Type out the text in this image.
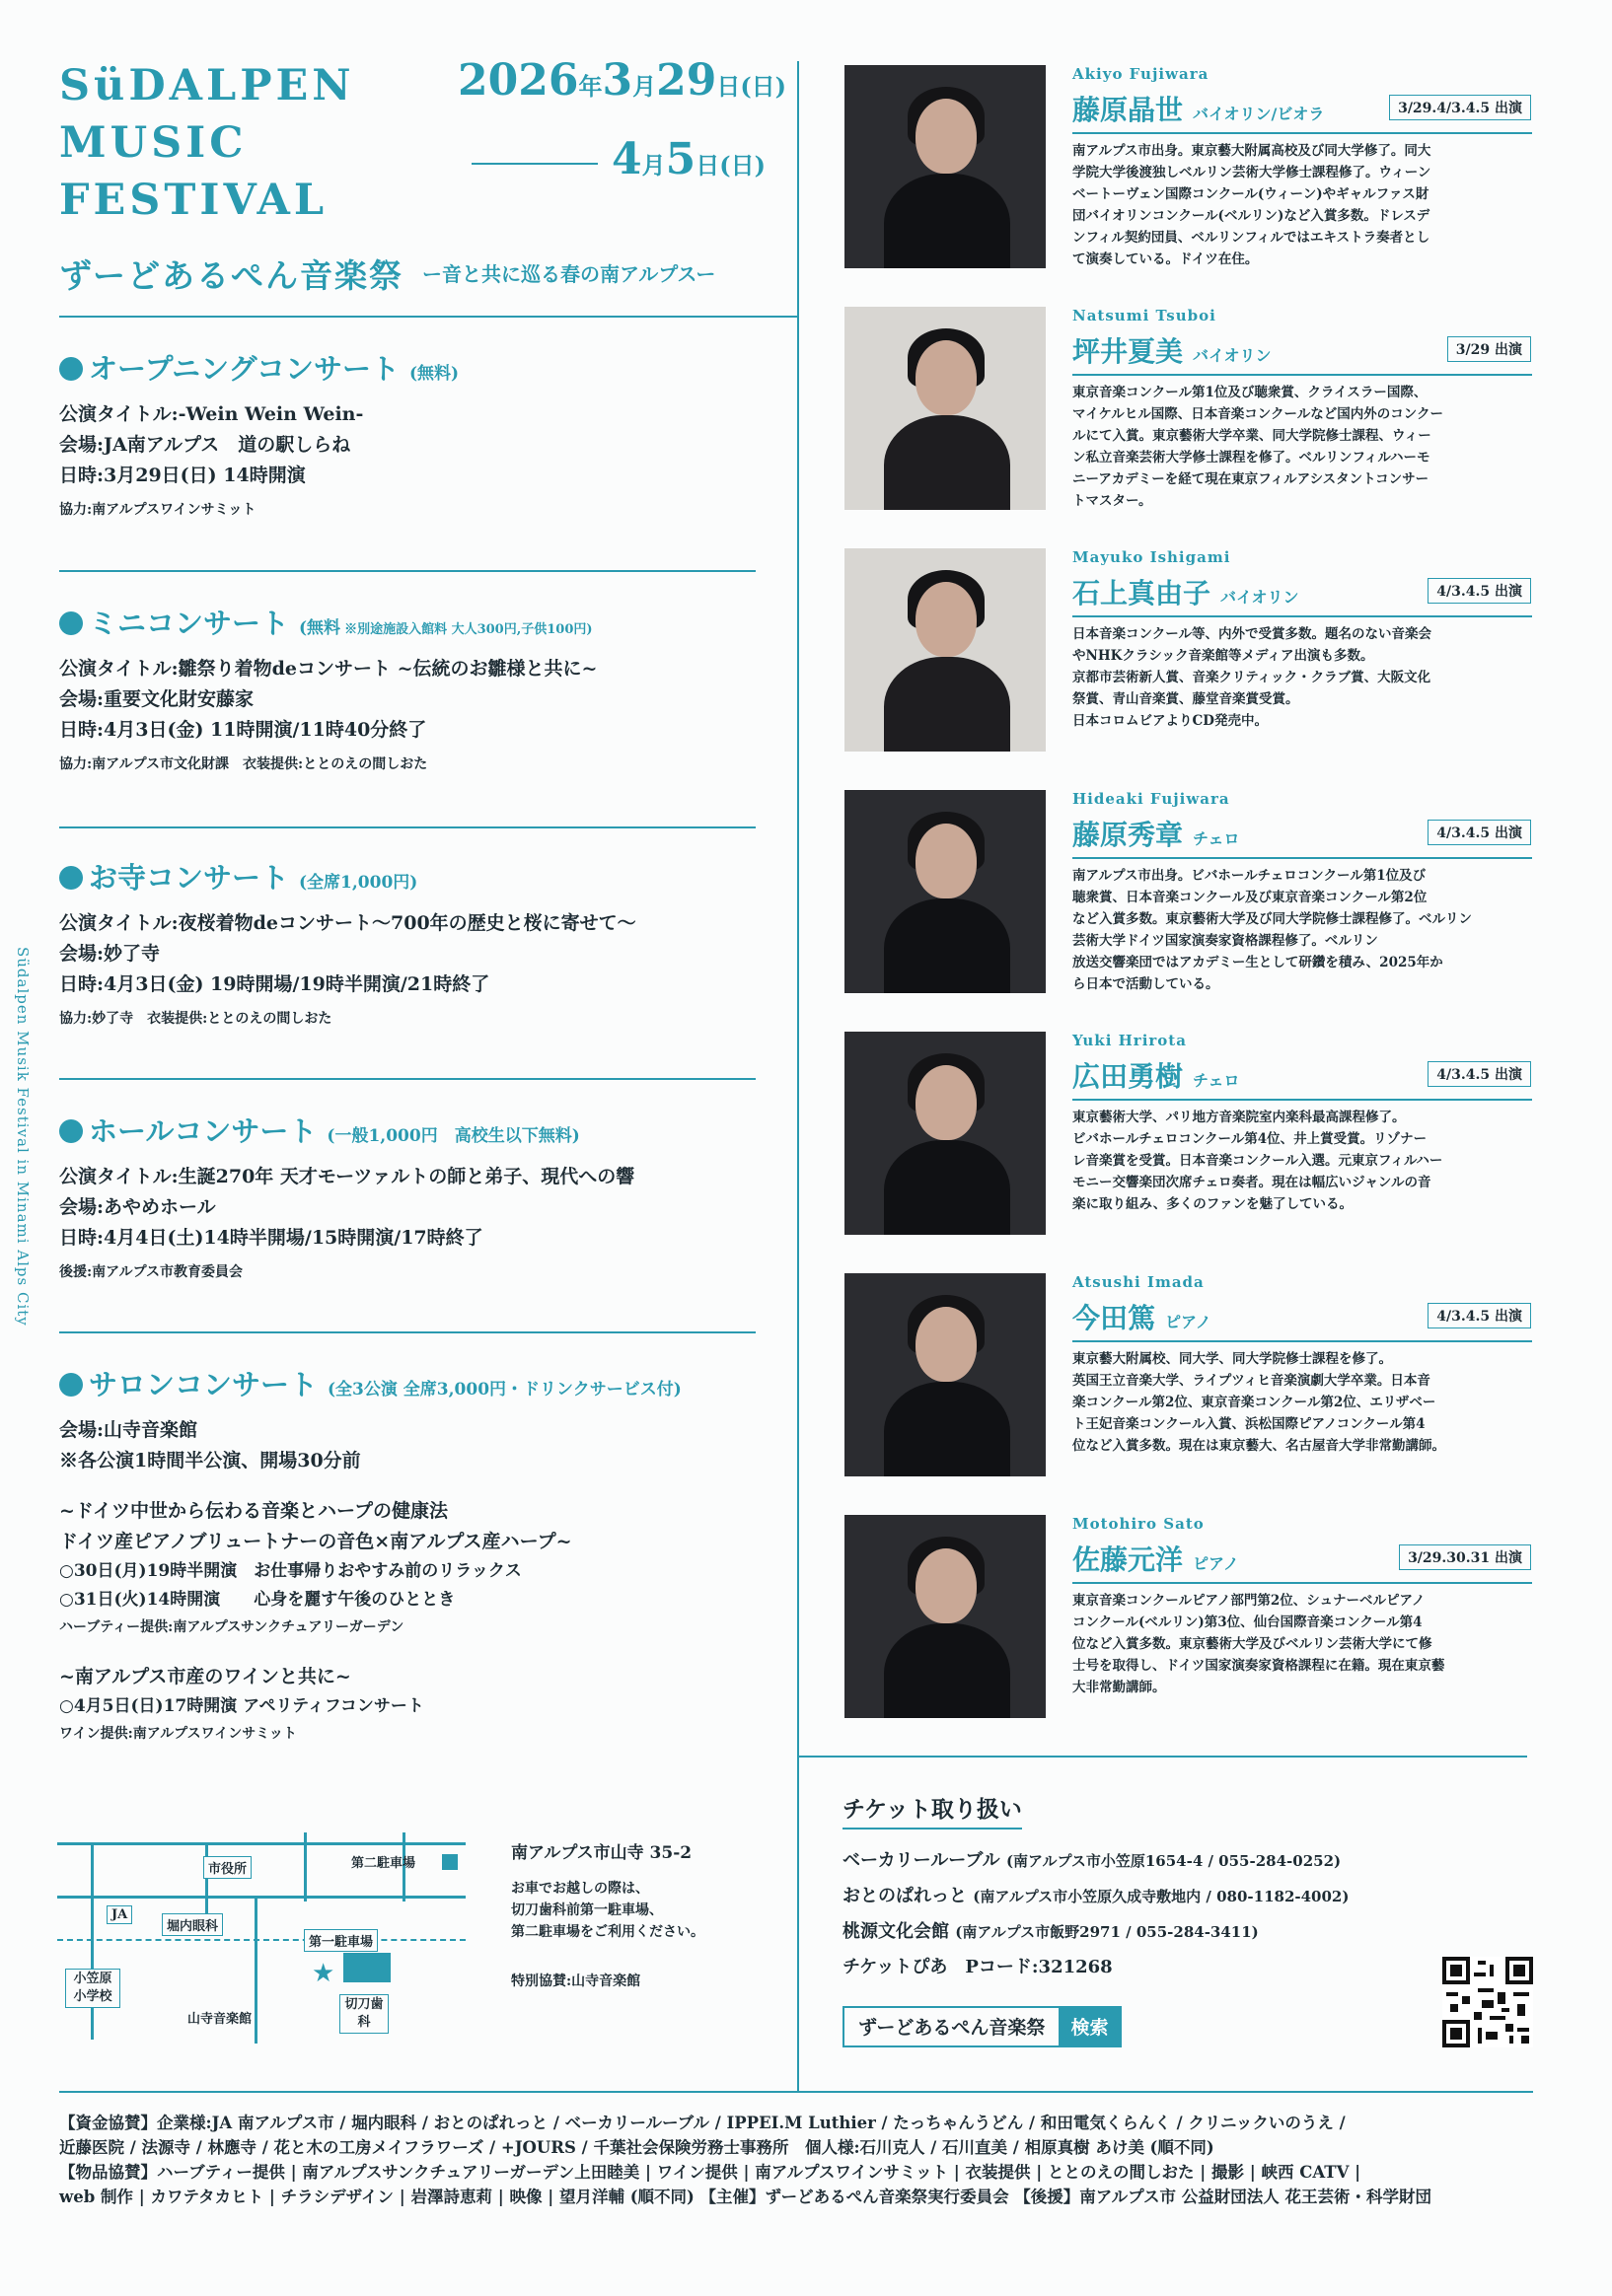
SüDALPEN
MUSIC
FESTIVAL
2026年3月29日(日)
4月5日(日)
ずーどあるぺん音楽祭 ー音と共に巡る春の南アルプスー
Südalpen Musik Festival in Minami Alps City
オープニングコンサート (無料)
公演タイトル:-Wein Wein Wein-
会場:JA南アルプス　道の駅しらね
日時:3月29日(日) 14時開演
協力:南アルプスワインサミット
ミニコンサート (無料 ※別途施設入館料 大人300円,子供100円)
公演タイトル:雛祭り着物deコンサート ~伝統のお雛様と共に~
会場:重要文化財安藤家
日時:4月3日(金) 11時開演/11時40分終了
協力:南アルプス市文化財課　衣装提供:ととのえの間しおた
お寺コンサート (全席1,000円)
公演タイトル:夜桜着物deコンサート～700年の歴史と桜に寄せて～
会場:妙了寺
日時:4月3日(金) 19時開場/19時半開演/21時終了
協力:妙了寺　衣装提供:ととのえの間しおた
ホールコンサート (一般1,000円　高校生以下無料)
公演タイトル:生誕270年 天才モーツァルトの師と弟子、現代への響
会場:あやめホール
日時:4月4日(土)14時半開場/15時開演/17時終了
後援:南アルプス市教育委員会
サロンコンサート (全3公演 全席3,000円・ドリンクサービス付)
会場:山寺音楽館
※各公演1時間半公演、開場30分前
~ドイツ中世から伝わる音楽とハープの健康法
ドイツ産ピアノブリュートナーの音色×南アルプス産ハープ~
○30日(月)19時半開演　お仕事帰りおやすみ前のリラックス
○31日(火)14時開演　　心身を麗す午後のひととき
ハーブティー提供:南アルプスサンクチュアリーガーデン
~南アルプス市産のワインと共に~
○4月5日(日)17時開演 アペリティフコンサート
ワイン提供:南アルプスワインサミット
市役所
JA
堀内眼科
第二駐車場
第一駐車場
小笠原小学校
山寺音楽館
★
切刀歯科
南アルプス市山寺 35-2
お車でお越しの際は、
切刀歯科前第一駐車場、
第二駐車場をご利用ください。
特別協賛:山寺音楽館
Akiyo Fujiwara
藤原晶世 バイオリン/ビオラ	3/29.4/3.4.5 出演
南アルプス市出身。東京藝大附属高校及び同大学修了。同大
学院大学後渡独しベルリン芸術大学修士課程修了。ウィーン
ベートーヴェン国際コンクール(ウィーン)やギャルファス財
団バイオリンコンクール(ベルリン)など入賞多数。ドレスデ
ンフィル契約団員、ベルリンフィルではエキストラ奏者とし
て演奏している。ドイツ在住。
Natsumi Tsuboi
坪井夏美 バイオリン	3/29 出演
東京音楽コンクール第1位及び聴衆賞、クライスラー国際、
マイケルヒル国際、日本音楽コンクールなど国内外のコンクー
ルにて入賞。東京藝術大学卒業、同大学院修士課程、ウィー
ン私立音楽芸術大学修士課程を修了。ベルリンフィルハーモ
ニーアカデミーを経て現在東京フィルアシスタントコンサー
トマスター。
Mayuko Ishigami
石上真由子 バイオリン	4/3.4.5 出演
日本音楽コンクール等、内外で受賞多数。題名のない音楽会
やNHKクラシック音楽館等メディア出演も多数。
京都市芸術新人賞、音楽クリティック・クラブ賞、大阪文化
祭賞、青山音楽賞、藤堂音楽賞受賞。
日本コロムビアよりCD発売中。
Hideaki Fujiwara
藤原秀章 チェロ	4/3.4.5 出演
南アルプス市出身。ビバホールチェロコンクール第1位及び
聴衆賞、日本音楽コンクール及び東京音楽コンクール第2位
など入賞多数。東京藝術大学及び同大学院修士課程修了。ベルリン
芸術大学ドイツ国家演奏家資格課程修了。ベルリン
放送交響楽団ではアカデミー生として研鑽を積み、2025年か
ら日本で活動している。
Yuki Hrirota
広田勇樹 チェロ	4/3.4.5 出演
東京藝術大学、パリ地方音楽院室内楽科最高課程修了。
ビバホールチェロコンクール第4位、井上賞受賞。リゾナー
レ音楽賞を受賞。日本音楽コンクール入選。元東京フィルハー
モニー交響楽団次席チェロ奏者。現在は幅広いジャンルの音
楽に取り組み、多くのファンを魅了している。
Atsushi Imada
今田篤 ピアノ	4/3.4.5 出演
東京藝大附属校、同大学、同大学院修士課程を修了。
英国王立音楽大学、ライプツィヒ音楽演劇大学卒業。日本音
楽コンクール第2位、東京音楽コンクール第2位、エリザベー
ト王妃音楽コンクール入賞、浜松国際ピアノコンクール第4
位など入賞多数。現在は東京藝大、名古屋音大学非常勤講師。
Motohiro Sato
佐藤元洋 ピアノ	3/29.30.31 出演
東京音楽コンクールピアノ部門第2位、シュナーベルピアノ
コンクール(ベルリン)第3位、仙台国際音楽コンクール第4
位など入賞多数。東京藝術大学及びベルリン芸術大学にて修
士号を取得し、ドイツ国家演奏家資格課程に在籍。現在東京藝
大非常勤講師。
チケット取り扱い
ベーカリールーブル (南アルプス市小笠原1654-4 / 055-284-0252)
おとのぱれっと (南アルプス市小笠原久成寺敷地内 / 080-1182-4002)
桃源文化会館 (南アルプス市飯野2971 / 055-284-3411)
チケットぴあ　Pコード:321268
ずーどあるぺん音楽祭	検索
【資金協賛】企業様:JA 南アルプス市 / 堀内眼科 / おとのぱれっと / ベーカリールーブル / IPPEI.M Luthier / たっちゃんうどん / 和田電気くらんく / クリニックいのうえ /
近藤医院 / 法源寺 / 林應寺 / 花と木の工房メイフラワーズ / +JOURS / 千葉社会保険労務士事務所　個人様:石川克人 / 石川直美 / 相原真樹 あけ美 (順不同)
【物品協賛】ハーブティー提供 | 南アルプスサンクチュアリーガーデン上田睦美 | ワイン提供 | 南アルプスワインサミット | 衣装提供 | ととのえの間しおた | 撮影 | 峡西 CATV |
web 制作 | カワテタカヒト | チラシデザイン | 岩澤詩恵莉 | 映像 | 望月洋輔 (順不同) 【主催】ずーどあるぺん音楽祭実行委員会 【後援】南アルプス市 公益財団法人 花王芸術・科学財団
